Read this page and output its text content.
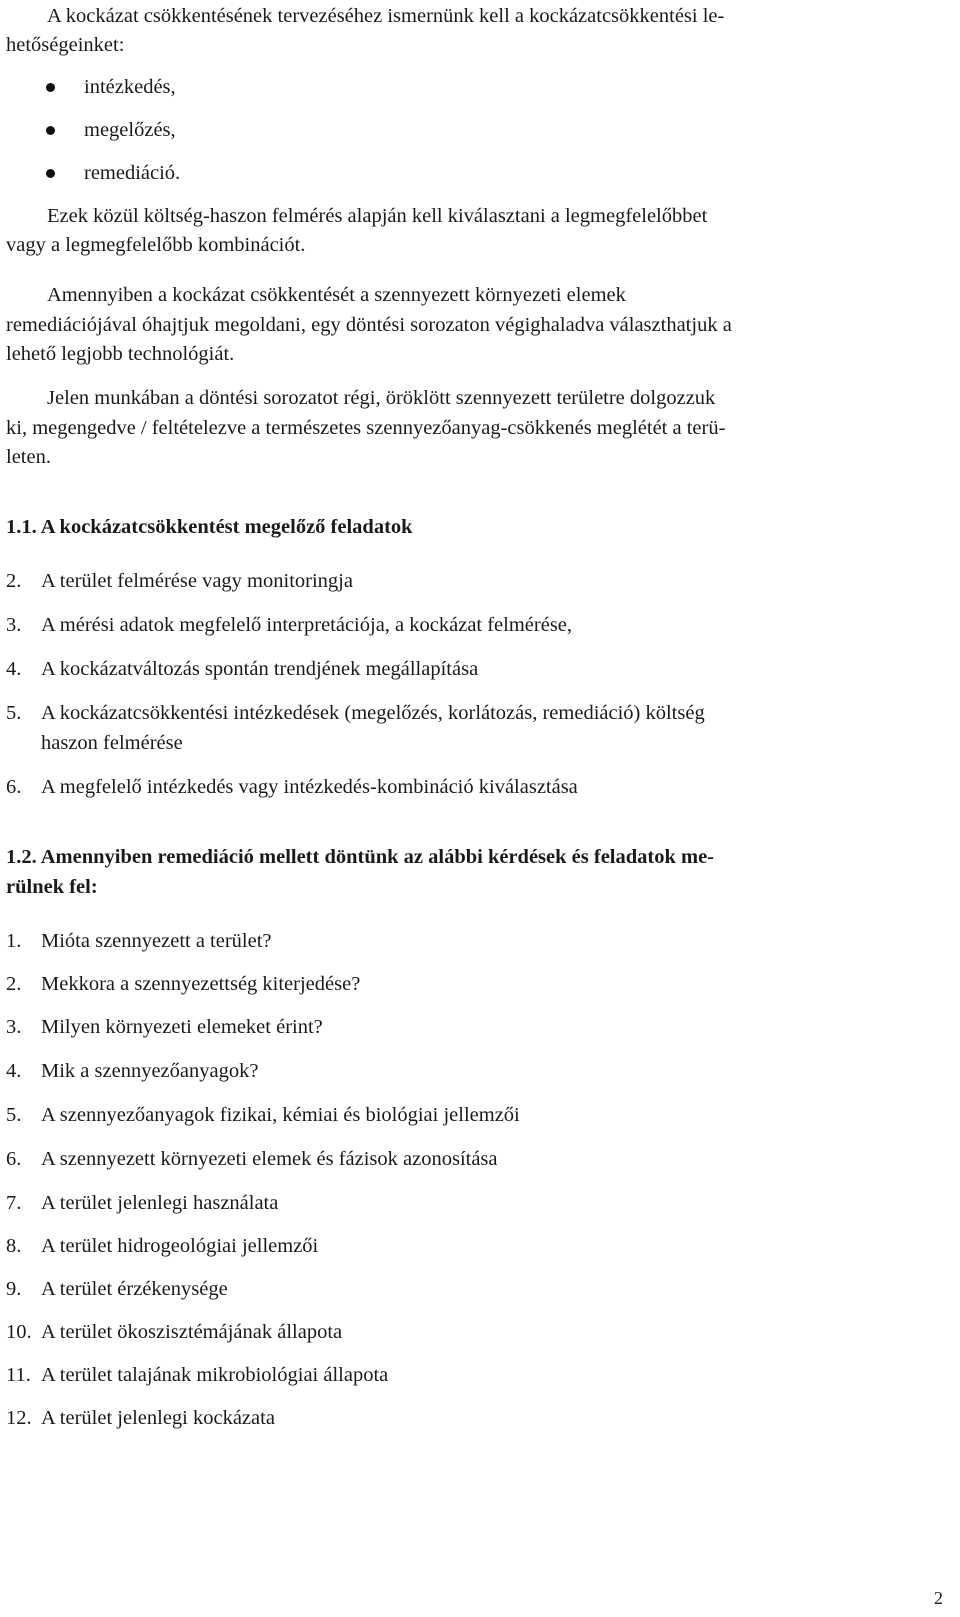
A kockázat csökkentésének tervezéséhez ismernünk kell a kockázatcsökkentési le-
hetőségeinket:
intézkedés,
megelőzés,
remediáció.
Ezek közül költség-haszon felmérés alapján kell kiválasztani a legmegfelelőbbet
vagy a legmegfelelőbb kombinációt.
Amennyiben a kockázat csökkentését a szennyezett környezeti elemek
remediációjával óhajtjuk megoldani, egy döntési sorozaton végighaladva választhatjuk a
lehető legjobb technológiát.
Jelen munkában a döntési sorozatot régi, öröklött szennyezett területre dolgozzuk
ki, megengedve / feltételezve a természetes szennyezőanyag-csökkenés meglétét a terü-
leten.
1.1. A kockázatcsökkentést megelőző feladatok
2. A terület felmérése vagy monitoringja
3. A mérési adatok megfelelő interpretációja, a kockázat felmérése,
4. A kockázatváltozás spontán trendjének megállapítása
5. A kockázatcsökkentési intézkedések (megelőzés, korlátozás, remediáció) költség
haszon felmérése
6. A megfelelő intézkedés vagy intézkedés-kombináció kiválasztása
1.2. Amennyiben remediáció mellett döntünk az alábbi kérdések és feladatok me-
rülnek fel:
1. Mióta szennyezett a terület?
2. Mekkora a szennyezettség kiterjedése?
3. Milyen környezeti elemeket érint?
4. Mik a szennyezőanyagok?
5. A szennyezőanyagok fizikai, kémiai és biológiai jellemzői
6. A szennyezett környezeti elemek és fázisok azonosítása
7. A terület jelenlegi használata
8. A terület hidrogeológiai jellemzői
9. A terület érzékenysége
10. A terület ökoszisztémájának állapota
11. A terület talajának mikrobiológiai állapota
12. A terület jelenlegi kockázata
2
